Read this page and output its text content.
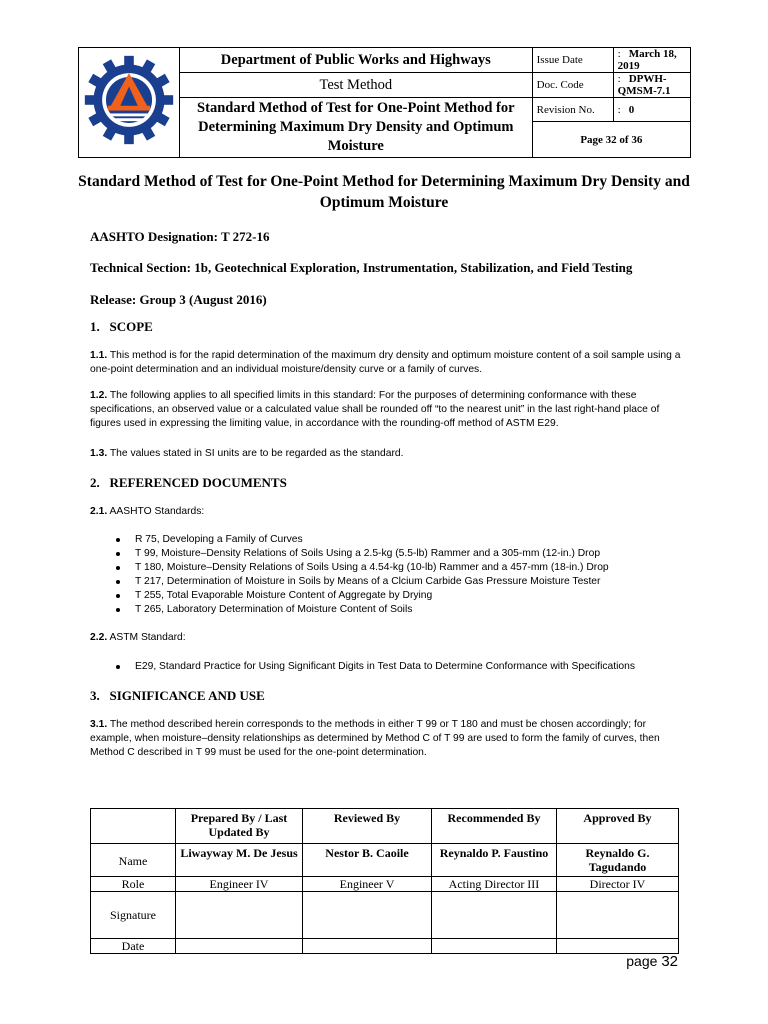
	Department of Public Works and Highways	Issue Date	: March 18, 2019
	Test Method	Doc. Code	: DPWH-QMSM-7.1
	Standard Method of Test for One-Point Method for Determining Maximum Dry Density and Optimum Moisture	Revision No.	: 0
		Page 32 of 36	
Standard Method of Test for One-Point Method for Determining Maximum Dry Density and Optimum Moisture
AASHTO Designation: T 272-16
Technical Section: 1b, Geotechnical Exploration, Instrumentation, Stabilization, and Field Testing
Release: Group 3 (August 2016)
1.   SCOPE

1.1. This method is for the rapid determination of the maximum dry density and optimum moisture content of a soil sample using a one-point determination and an individual moisture/density curve or a family of curves.

1.2. The following applies to all specified limits in this standard: For the purposes of determining conformance with these specifications, an observed value or a calculated value shall be rounded off “to the nearest unit” in the last right-hand place of figures used in expressing the limiting value, in accordance with the rounding-off method of ASTM E29.

1.3. The values stated in SI units are to be regarded as the standard.

2.   REFERENCED DOCUMENTS

2.1. AASHTO Standards:

R 75, Developing a Family of Curves
T 99, Moisture–Density Relations of Soils Using a 2.5-kg (5.5-lb) Rammer and a 305-mm (12-in.) Drop
T 180, Moisture–Density Relations of Soils Using a 4.54-kg (10-lb) Rammer and a 457-mm (18-in.) Drop
T 217, Determination of Moisture in Soils by Means of a Clcium Carbide Gas Pressure Moisture Tester
T 255, Total Evaporable Moisture Content of Aggregate by Drying
T 265, Laboratory Determination of Moisture Content of Soils

2.2. ASTM Standard:

E29, Standard Practice for Using Significant Digits in Test Data to Determine Conformance with Specifications
3.   SIGNIFICANCE AND USE

3.1. The method described herein corresponds to the methods in either T 99 or T 180 and must be chosen accordingly; for example, when moisture–density relationships as determined by Method C of T 99 are used to form the family of curves, then Method C described in T 99 must be used for the one-point determination.

	Prepared By / Last Updated By	Reviewed By	Recommended By	Approved By
Name	Liwayway M. De Jesus	Nestor B. Caoile	Reynaldo P. Faustino	Reynaldo G. Tagudando
Role	Engineer IV	Engineer V	Acting Director III	Director IV
Signature				
Date				
page 32
